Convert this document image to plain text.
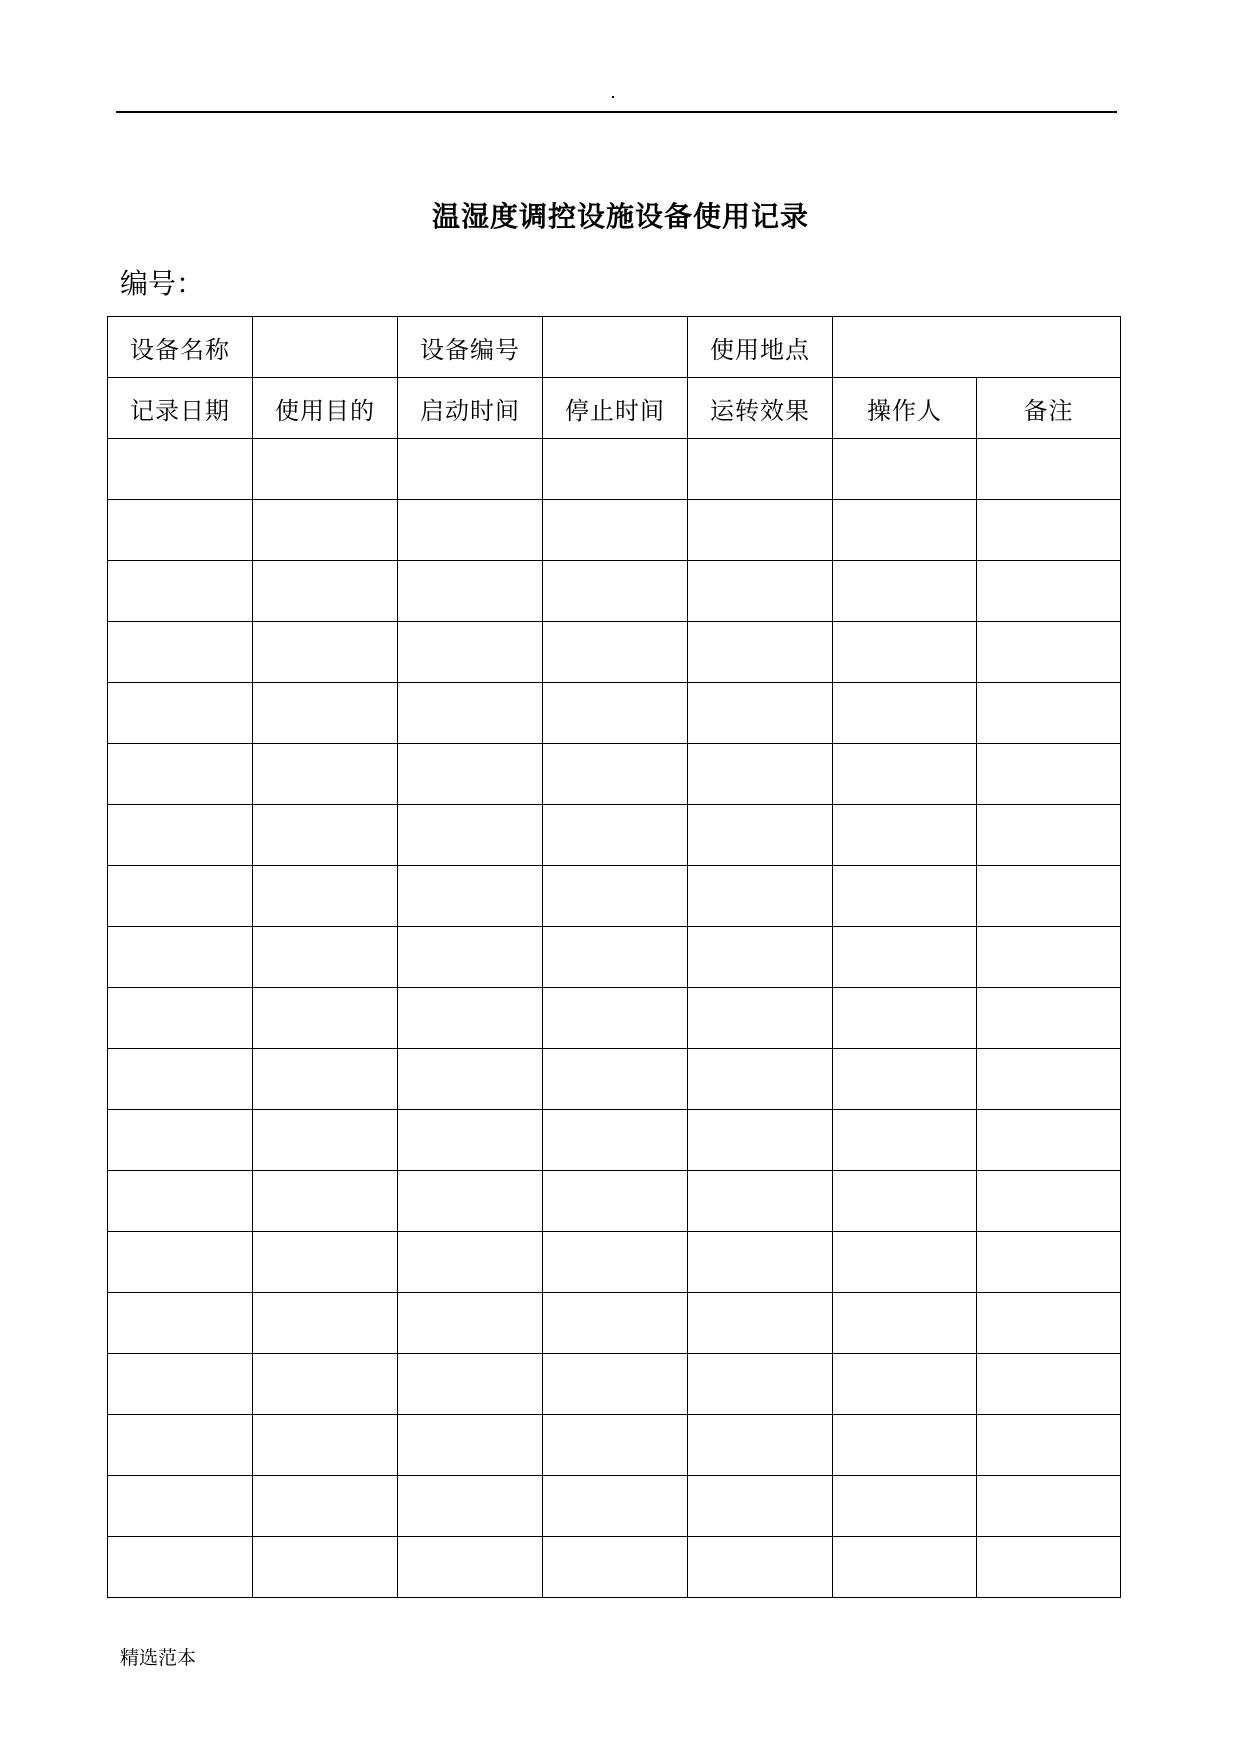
温湿度调控设施设备使用记录
编号：
设备名称		设备编号		使用地点		
记录日期	使用目的	启动时间	停止时间	运转效果	操作人	备注

精选范本
